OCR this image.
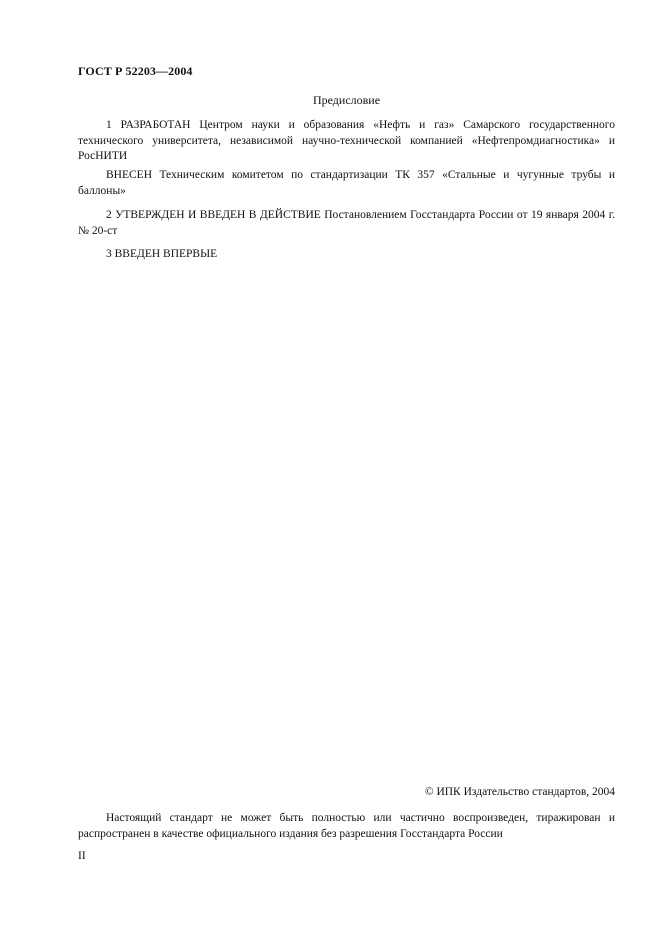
ГОСТ Р 52203—2004
Предисловие

1 РАЗРАБОТАН Центром науки и образования «Нефть и газ» Самарского государственного технического университета, независимой научно-технической компанией «Нефтепромдиагностика» и РосНИТИ

ВНЕСЕН Техническим комитетом по стандартизации ТК 357 «Стальные и чугунные трубы и баллоны»

2 УТВЕРЖДЕН И ВВЕДЕН В ДЕЙСТВИЕ Постановлением Госстандарта России от 19 января 2004 г. № 20-ст

3 ВВЕДЕН ВПЕРВЫЕ

© ИПК Издательство стандартов, 2004

Настоящий стандарт не может быть полностью или частично воспроизведен, тиражирован и распространен в качестве официального издания без разрешения Госстандарта России

II
